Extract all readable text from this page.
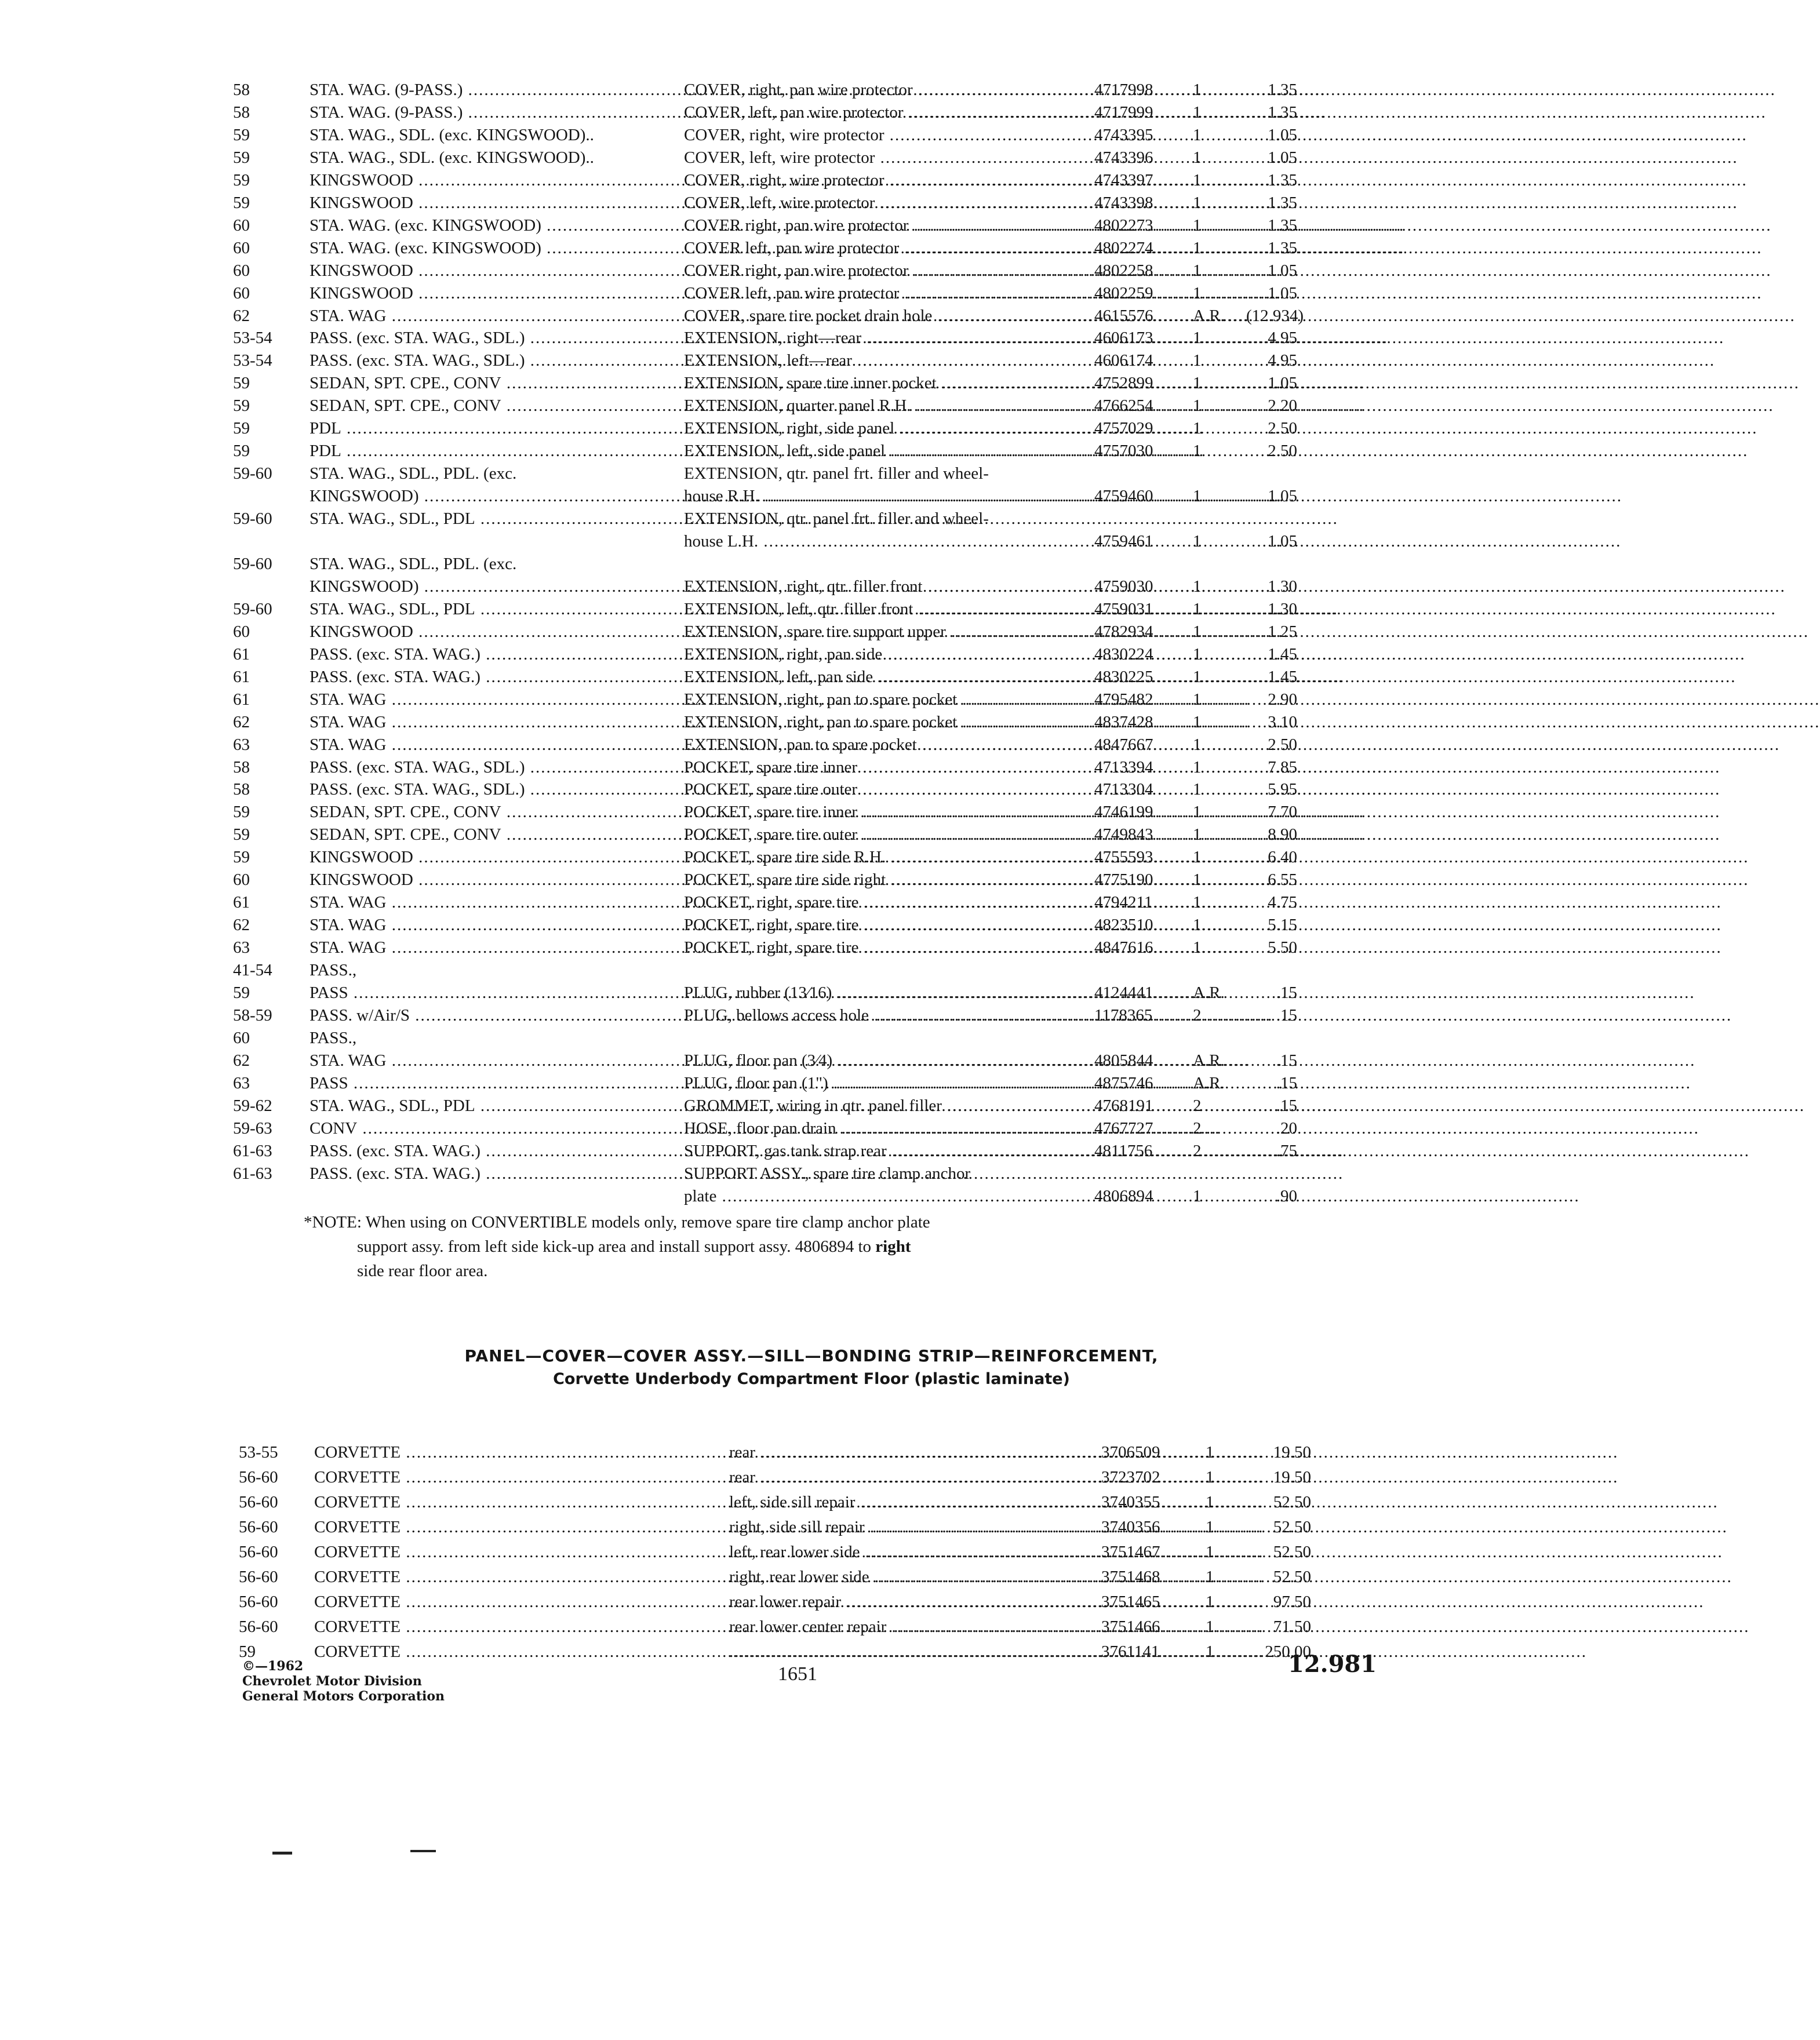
58	STA. WAG. (9-PASS.) .....	COVER, right, pan wire protector .....	4717998	1	1.35
58	STA. WAG. (9-PASS.) .....	COVER, left, pan wire protector .....	4717999	1	1.35
59	STA. WAG., SDL. (exc. KINGSWOOD)..	COVER, right, wire protector .....	4743395	1	1.05
59	STA. WAG., SDL. (exc. KINGSWOOD)..	COVER, left, wire protector .....	4743396	1	1.05
59	KINGSWOOD .....	COVER, right, wire protector .....	4743397	1	1.35
59	KINGSWOOD .....	COVER, left, wire protector .....	4743398	1	1.35
60	STA. WAG. (exc. KINGSWOOD) .....	COVER right, pan wire protector .....	4802273	1	1.35
60	STA. WAG. (exc. KINGSWOOD) .....	COVER left, pan wire protector .....	4802274	1	1.35
60	KINGSWOOD .....	COVER right, pan wire protector .....	4802258	1	1.05
60	KINGSWOOD .....	COVER left, pan wire protector .....	4802259	1	1.05
62	STA. WAG .....	COVER, spare tire pocket drain hole .....	4615576	A.R.	(12.934)
53-54	PASS. (exc. STA. WAG., SDL.) .....	EXTENSION, right—rear .....	4606173	1	4.95
53-54	PASS. (exc. STA. WAG., SDL.) .....	EXTENSION, left—rear .....	4606174	1	4.95
59	SEDAN, SPT. CPE., CONV .....	EXTENSION, spare tire inner pocket .....	4752899	1	1.05
59	SEDAN, SPT. CPE., CONV .....	EXTENSION, quarter panel R.H. .....	4766254	1	2.20
59	PDL .....	EXTENSION, right, side panel .....	4757029	1	2.50
59	PDL .....	EXTENSION, left, side panel .....	4757030	1	2.50
59-60	STA. WAG., SDL., PDL. (exc.	EXTENSION, qtr. panel frt. filler and wheel-
KINGSWOOD) .....	house R.H. .....	4759460	1	1.05
59-60	STA. WAG., SDL., PDL .....	EXTENSION, qtr. panel frt. filler and wheel-
house L.H. .....	4759461	1	1.05
59-60	STA. WAG., SDL., PDL. (exc.
KINGSWOOD) .....	EXTENSION, right, qtr. filler front .....	4759030	1	1.30
59-60	STA. WAG., SDL., PDL .....	EXTENSION, left, qtr. filler front .....	4759031	1	1.30
60	KINGSWOOD .....	EXTENSION, spare tire support upper .....	4782934	1	1.25
61	PASS. (exc. STA. WAG.) .....	EXTENSION, right, pan side .....	4830224	1	1.45
61	PASS. (exc. STA. WAG.) .....	EXTENSION, left, pan side .....	4830225	1	1.45
61	STA. WAG .....	EXTENSION, right, pan to spare pocket .....	4795482	1	2.90
62	STA. WAG .....	EXTENSION, right, pan to spare pocket .....	4837428	1	3.10
63	STA. WAG .....	EXTENSION, pan to spare pocket .....	4847667	1	2.50
58	PASS. (exc. STA. WAG., SDL.) .....	POCKET, spare tire inner .....	4713394	1	7.85
58	PASS. (exc. STA. WAG., SDL.) .....	POCKET, spare tire outer .....	4713304	1	5.95
59	SEDAN, SPT. CPE., CONV .....	POCKET, spare tire inner .....	4746199	1	7.70
59	SEDAN, SPT. CPE., CONV .....	POCKET, spare tire outer .....	4749843	1	8.90
59	KINGSWOOD .....	POCKET, spare tire side R.H. .....	4755593	1	6.40
60	KINGSWOOD .....	POCKET, spare tire side right .....	4775190	1	6.55
61	STA. WAG .....	POCKET, right, spare tire .....	4794211	1	4.75
62	STA. WAG .....	POCKET, right, spare tire .....	4823510	1	5.15
63	STA. WAG .....	POCKET, right, spare tire .....	4847616	1	5.50
41-54	PASS.,
59	PASS .....	PLUG, rubber (13⁄16) .....	4124441	A.R.	.15
58-59	PASS. w/Air/S .....	PLUG, bellows access hole .....	1178365	2	.15
60	PASS.,
62	STA. WAG .....	PLUG, floor pan (3⁄4) .....	4805844	A.R.	.15
63	PASS .....	PLUG, floor pan (1") .....	4875746	A.R.	.15
59-62	STA. WAG., SDL., PDL .....	GROMMET, wiring in qtr. panel filler .....	4768191	2	.15
59-63	CONV .....	HOSE, floor pan drain .....	4767727	2	.20
61-63	PASS. (exc. STA. WAG.) .....	SUPPORT, gas tank strap rear .....	4811756	2	.75
61-63	PASS. (exc. STA. WAG.) .....	SUPPORT ASSY., spare tire clamp anchor
plate .....	4806894	1	.90
*NOTE: When using on CONVERTIBLE models only, remove spare tire clamp anchor plate
support assy. from left side kick-up area and install support assy. 4806894 to right
side rear floor area.
PANEL—COVER—COVER ASSY.—SILL—BONDING STRIP—REINFORCEMENT,
Corvette Underbody Compartment Floor (plastic laminate)
53-55	CORVETTE .....	rear .....	3706509	1	19.50
56-60	CORVETTE .....	rear .....	3723702	1	19.50
56-60	CORVETTE .....	left, side sill repair .....	3740355	1	52.50
56-60	CORVETTE .....	right, side sill repair .....	3740356	1	52.50
56-60	CORVETTE .....	left, rear lower side .....	3751467	1	52.50
56-60	CORVETTE .....	right, rear lower side .....	3751468	1	52.50
56-60	CORVETTE .....	rear lower repair .....	3751465	1	97.50
56-60	CORVETTE .....	rear lower center repair .....	3751466	1	71.50
59	CORVETTE .....
.....	3761141	1	250.00
©—1962
Chevrolet Motor Division
General Motors Corporation
1651	12.981
